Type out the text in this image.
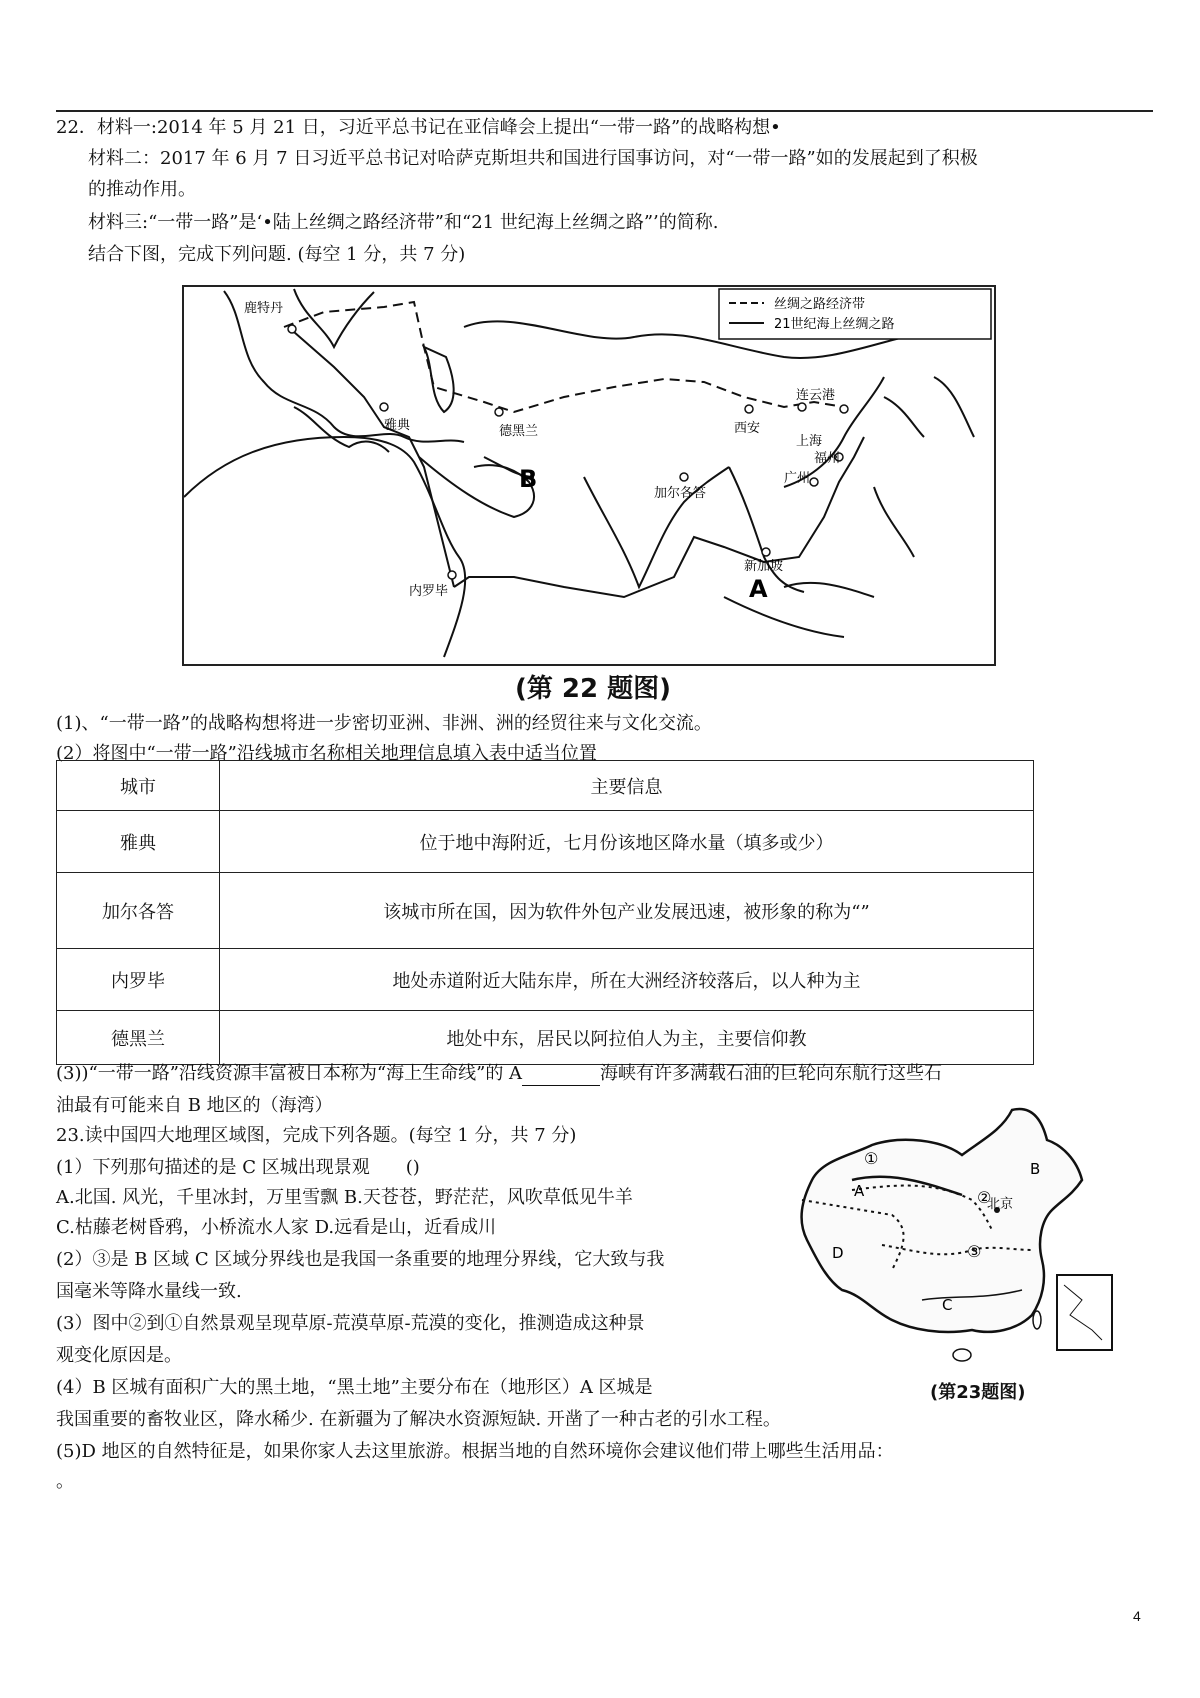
22．材料一:2014 年 5 月 21 日，习近平总书记在亚信峰会上提出“一带一路”的战略构想•
材料二：2017 年 6 月 7 日习近平总书记对哈萨克斯坦共和国进行国事访问，对“一带一路”如的发展起到了积极
的推动作用。
材料三:“一带一路”是‘•陆上丝绸之路经济带”和“21 世纪海上丝绸之路”’的简称.
结合下图，完成下列问题. (每空 1 分，共 7 分)
丝绸之路经济带
21世纪海上丝绸之路
鹿特丹
雅典	德黑兰	西安
连云港
上海
福州
广州
加尔各答
新加坡
内罗毕
B
A
(第 22 题图)
(1)、“一带一路”的战略构想将进一步密切亚洲、非洲、洲的经贸往来与文化交流。
(2）将图中“一带一路”沿线城市名称相关地理信息填入表中适当位置
城市	主要信息
雅典	位于地中海附近，七月份该地区降水量（填多或少）
加尔各答	该城市所在国，因为软件外包产业发展迅速，被形象的称为“”
内罗毕	地处赤道附近大陆东岸，所在大洲经济较落后，以人种为主
德黑兰	地处中东，居民以阿拉伯人为主，主要信仰教
(3))“一带一路”沿线资源丰富被日本称为“海上生命线”的 A	海峡有许多满载石油的巨轮向东航行这些石
油最有可能来自 B 地区的（海湾）
23.读中国四大地理区域图，完成下列各题。(每空 1 分，共 7 分)
(1）下列那句描述的是 C 区城出现景观　　()
A.北国. 风光，千里冰封，万里雪飘 B.天苍苍，野茫茫，风吹草低见牛羊
C.枯藤老树昏鸦，小桥流水人家 D.远看是山，近看成川
(2）③是 B 区域 C 区域分界线也是我国一条重要的地理分界线，它大致与我
国毫米等降水量线一致.
(3）图中②到①自然景观呈现草原-荒漠草原-荒漠的变化，推测造成这种景
观变化原因是。
(4）B 区城有面积广大的黑土地，“黑土地”主要分布在（地形区）A 区城是
我国重要的畜牧业区，降水稀少. 在新疆为了解决水资源短缺. 开凿了一种古老的引水工程。
(5)D 地区的自然特征是，如果你家人去这里旅游。根据当地的自然环境你会建议他们带上哪些生活用品：
。
A
B
C
D
①
②
③
北京
(第23题图)
4
